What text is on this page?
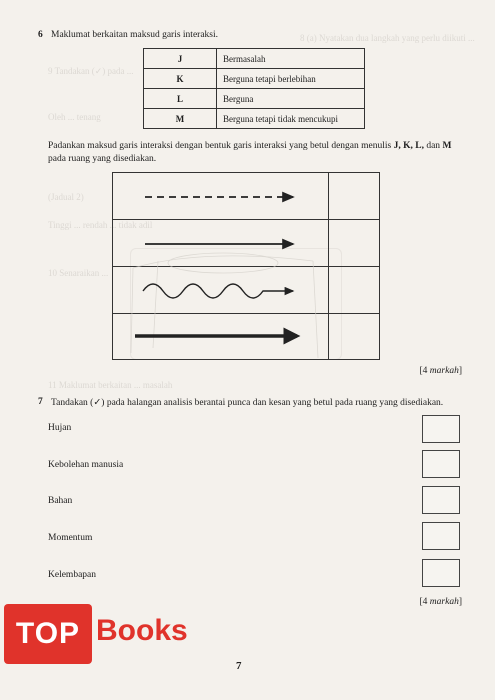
8 (a) Nyatakan dua langkah yang perlu diikuti ...
9 Tandakan (✓) pada ...
Oleh ... tenang
(Jadual 2)
Tinggi ... rendah ... tidak adil
10 Senaraikan ...
11 Maklumat berkaitan ... masalah
6 Maklumat berkaitan maksud garis interaksi.
J	Bermasalah
K	Berguna tetapi berlebihan
L	Berguna
M	Berguna tetapi tidak mencukupi
Padankan maksud garis interaksi dengan bentuk garis interaksi yang betul dengan menulis J, K, L, dan M pada ruang yang disediakan.
[4 markah]
7 Tandakan (✓) pada halangan analisis berantai punca dan kesan yang betul pada ruang yang disediakan.
Hujan
Kebolehan manusia
Bahan
Momentum
Kelembapan
[4 markah]
TOP Books
7
